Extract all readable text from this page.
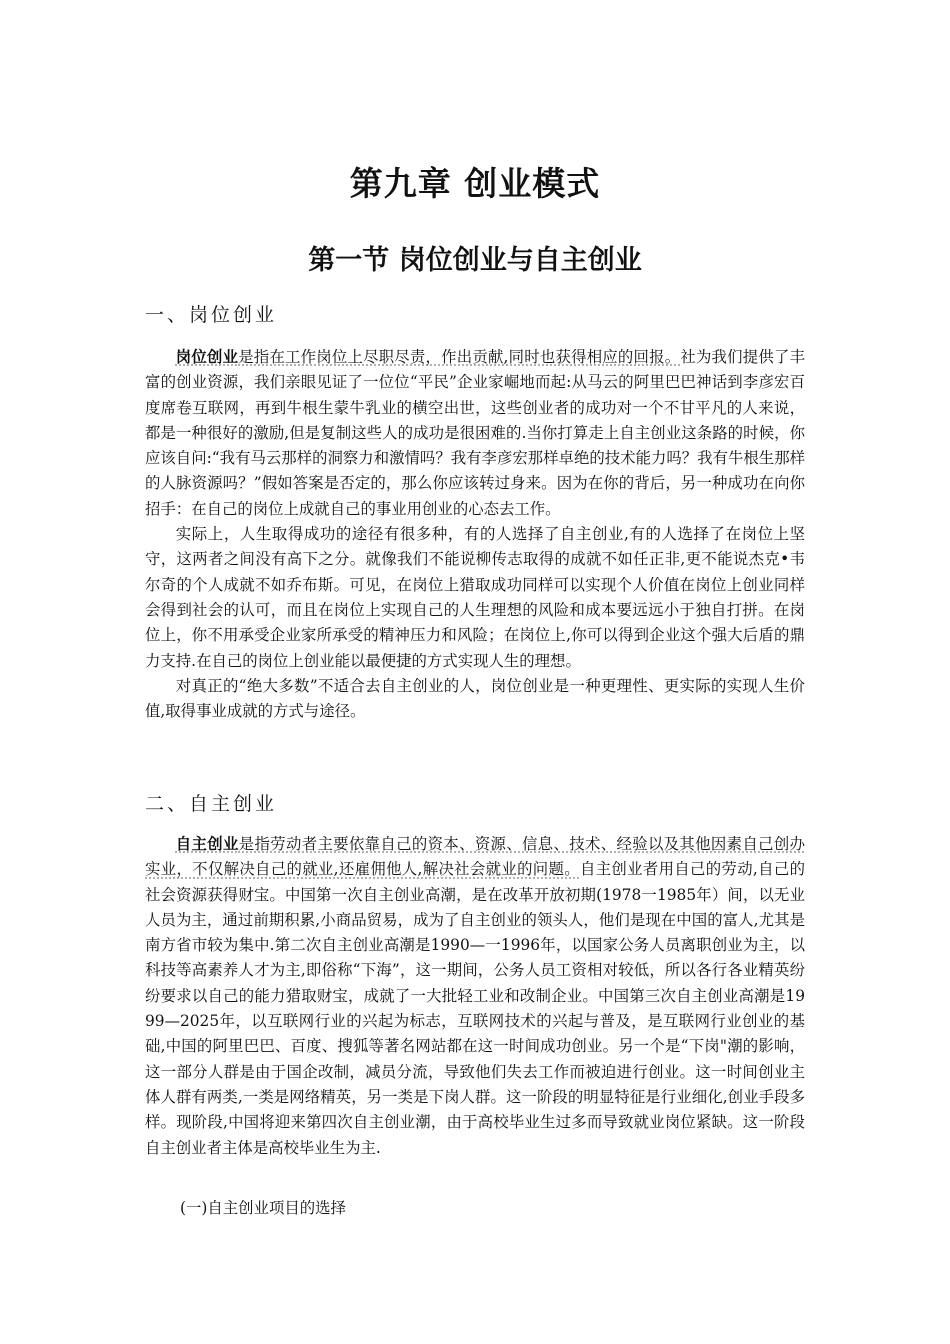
第九章 创业模式
第一节 岗位创业与自主创业
一、岗位创业

岗位创业是指在工作岗位上尽职尽责，作出贡献,同时也获得相应的回报。社为我们提供了丰富的创业资源，我们亲眼见证了一位位“平民”企业家崛地而起:从马云的阿里巴巴神话到李彦宏百度席卷互联网，再到牛根生蒙牛乳业的横空出世，这些创业者的成功对一个不甘平凡的人来说，都是一种很好的激励,但是复制这些人的成功是很困难的.当你打算走上自主创业这条路的时候，你应该自问:“我有马云那样的洞察力和激情吗？我有李彦宏那样卓绝的技术能力吗？我有牛根生那样的人脉资源吗？”假如答案是否定的，那么你应该转过身来。因为在你的背后，另一种成功在向你招手：在自己的岗位上成就自己的事业用创业的心态去工作。

实际上，人生取得成功的途径有很多种，有的人选择了自主创业,有的人选择了在岗位上坚守，这两者之间没有高下之分。就像我们不能说柳传志取得的成就不如任正非,更不能说杰克•韦尔奇的个人成就不如乔布斯。可见，在岗位上猎取成功同样可以实现个人价值在岗位上创业同样会得到社会的认可，而且在岗位上实现自己的人生理想的风险和成本要远远小于独自打拼。在岗位上，你不用承受企业家所承受的精神压力和风险；在岗位上,你可以得到企业这个强大后盾的鼎力支持.在自己的岗位上创业能以最便捷的方式实现人生的理想。

对真正的“绝大多数”不适合去自主创业的人，岗位创业是一种更理性、更实际的实现人生价值,取得事业成就的方式与途径。

二、自主创业

自主创业是指劳动者主要依靠自己的资本、资源、信息、技术、经验以及其他因素自己创办实业，不仅解决自己的就业,还雇佣他人,解决社会就业的问题。自主创业者用自己的劳动,自己的社会资源获得财宝。中国第一次自主创业高潮，是在改革开放初期(1978一1985年）间，以无业人员为主，通过前期积累,小商品贸易，成为了自主创业的领头人，他们是现在中国的富人,尤其是南方省市较为集中.第二次自主创业高潮是1990—一1996年，以国家公务人员离职创业为主，以科技等高素养人才为主,即俗称“下海”，这一期间，公务人员工资相对较低，所以各行各业精英纷纷要求以自己的能力猎取财宝，成就了一大批轻工业和改制企业。中国第三次自主创业高潮是1999—2025年，以互联网行业的兴起为标志，互联网技术的兴起与普及，是互联网行业创业的基础,中国的阿里巴巴、百度、搜狐等著名网站都在这一时间成功创业。另一个是“下岗"潮的影响，这一部分人群是由于国企改制，减员分流，导致他们失去工作而被迫进行创业。这一时间创业主体人群有两类,一类是网络精英，另一类是下岗人群。这一阶段的明显特征是行业细化,创业手段多样。现阶段,中国将迎来第四次自主创业潮，由于高校毕业生过多而导致就业岗位紧缺。这一阶段自主创业者主体是高校毕业生为主.

(一)自主创业项目的选择
